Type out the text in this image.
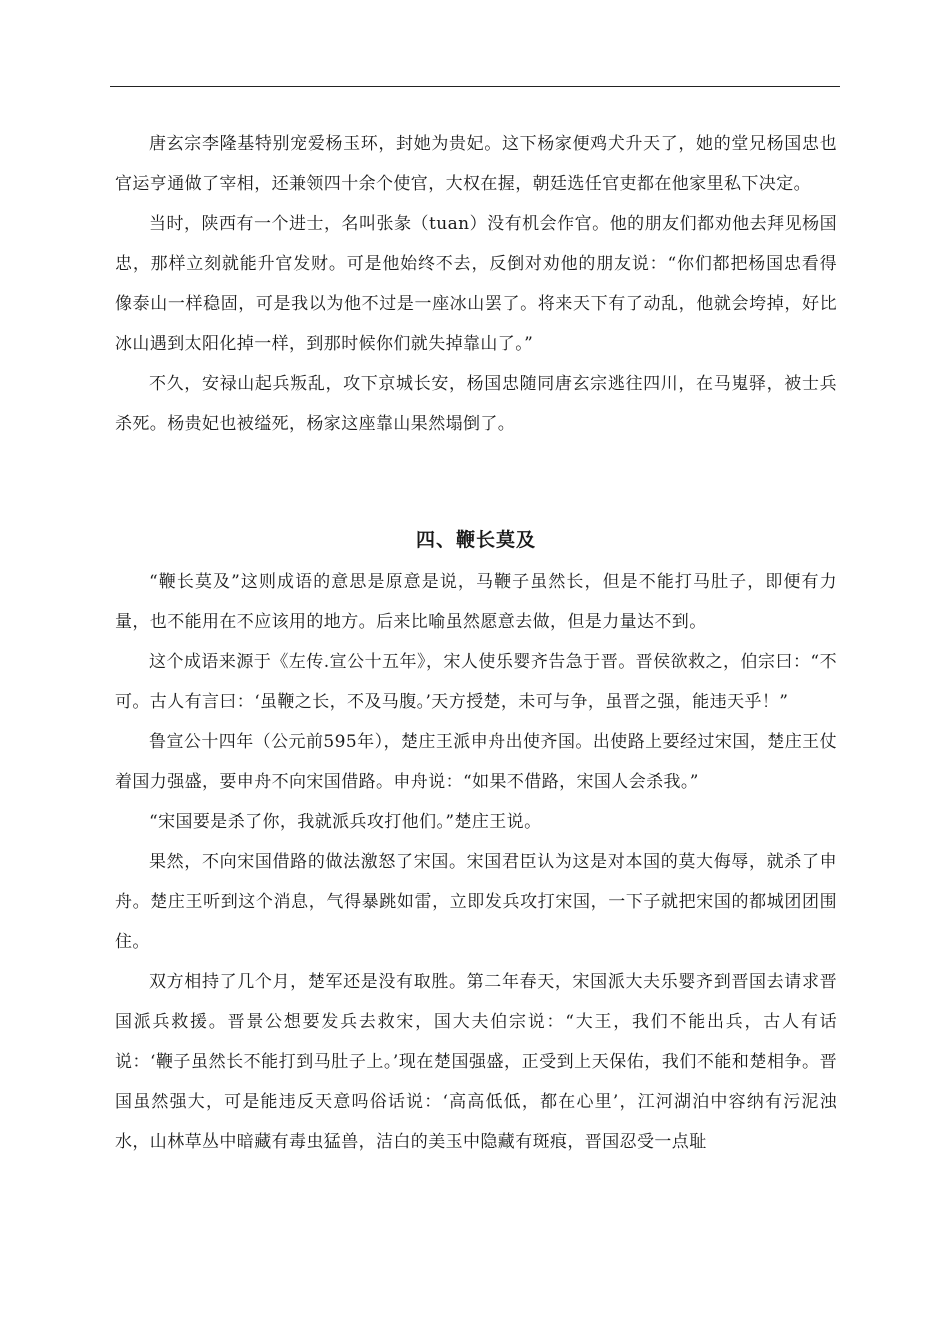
唐玄宗李隆基特别宠爱杨玉环，封她为贵妃。这下杨家便鸡犬升天了，她的堂兄杨国忠也官运亨通做了宰相，还兼领四十余个使官，大权在握，朝廷选任官吏都在他家里私下决定。

当时，陕西有一个进士，名叫张彖（tuan）没有机会作官。他的朋友们都劝他去拜见杨国忠，那样立刻就能升官发财。可是他始终不去，反倒对劝他的朋友说：“你们都把杨国忠看得像泰山一样稳固，可是我以为他不过是一座冰山罢了。将来天下有了动乱，他就会垮掉，好比冰山遇到太阳化掉一样，到那时候你们就失掉靠山了。”

不久，安禄山起兵叛乱，攻下京城长安，杨国忠随同唐玄宗逃往四川，在马嵬驿，被士兵杀死。杨贵妃也被缢死，杨家这座靠山果然塌倒了。

四、鞭长莫及

“鞭长莫及”这则成语的意思是原意是说，马鞭子虽然长，但是不能打马肚子，即便有力量，也不能用在不应该用的地方。后来比喻虽然愿意去做，但是力量达不到。

这个成语来源于《左传.宣公十五年》，宋人使乐婴齐告急于晋。晋侯欲救之，伯宗曰：“不可。古人有言曰：‘虽鞭之长，不及马腹。’天方授楚，未可与争，虽晋之强，能违天乎！”

鲁宣公十四年（公元前595年），楚庄王派申舟出使齐国。出使路上要经过宋国，楚庄王仗着国力强盛，要申舟不向宋国借路。申舟说：“如果不借路，宋国人会杀我。”

“宋国要是杀了你，我就派兵攻打他们。”楚庄王说。

果然，不向宋国借路的做法激怒了宋国。宋国君臣认为这是对本国的莫大侮辱，就杀了申舟。楚庄王听到这个消息，气得暴跳如雷，立即发兵攻打宋国，一下子就把宋国的都城团团围住。

双方相持了几个月，楚军还是没有取胜。第二年春天，宋国派大夫乐婴齐到晋国去请求晋国派兵救援。晋景公想要发兵去救宋，国大夫伯宗说：“大王，我们不能出兵，古人有话说：‘鞭子虽然长不能打到马肚子上。’现在楚国强盛，正受到上天保佑，我们不能和楚相争。晋国虽然强大，可是能违反天意吗俗话说：‘高高低低，都在心里’，江河湖泊中容纳有污泥浊水，山林草丛中暗藏有毒虫猛兽，洁白的美玉中隐藏有斑痕，晋国忍受一点耻
